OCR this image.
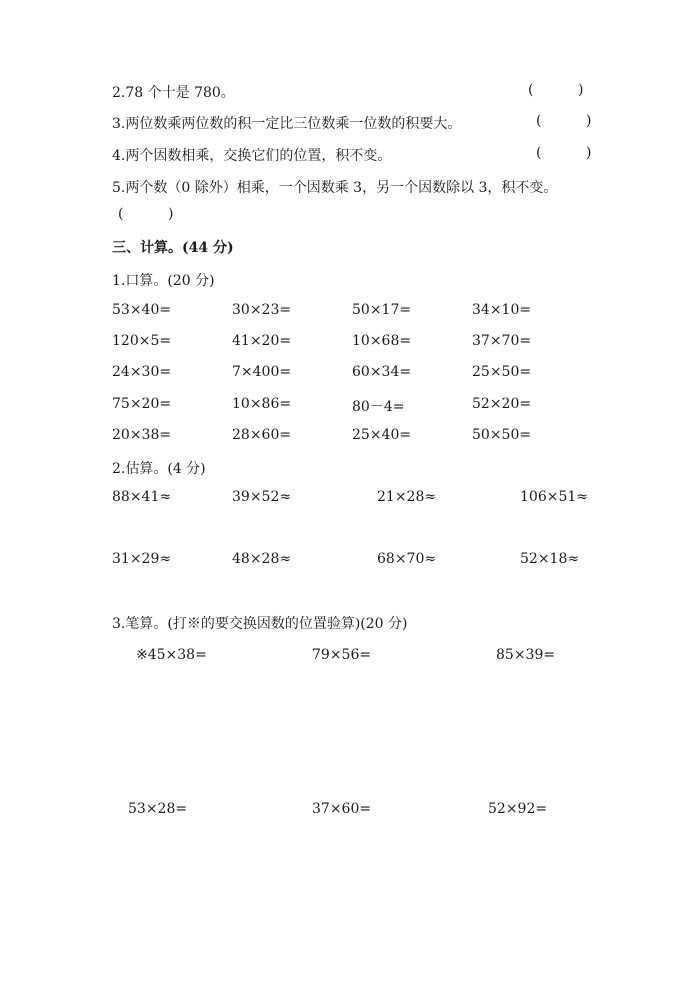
2.78 个十是 780。	(          )
3.两位数乘两位数的积一定比三位数乘一位数的积要大。	(          )
4.两个因数相乘，交换它们的位置，积不变。	(          )
5.两个数（0 除外）相乘，一个因数乘 3，另一个因数除以 3，积不变。
(          )
三、计算。(44 分)
1.口算。(20 分)
53×40=	30×23=	50×17=	34×10=
120×5=	41×20=	10×68=	37×70=
24×30=	7×400=	60×34=	25×50=
75×20=	10×86=	80－4=	52×20=
20×38=	28×60=	25×40=	50×50=
2.估算。(4 分)
88×41≈	39×52≈	21×28≈	106×51≈
31×29≈	48×28≈	68×70≈	52×18≈
3.笔算。(打※的要交换因数的位置验算)(20 分)
※45×38=	79×56=	85×39=
53×28=	37×60=	52×92=
